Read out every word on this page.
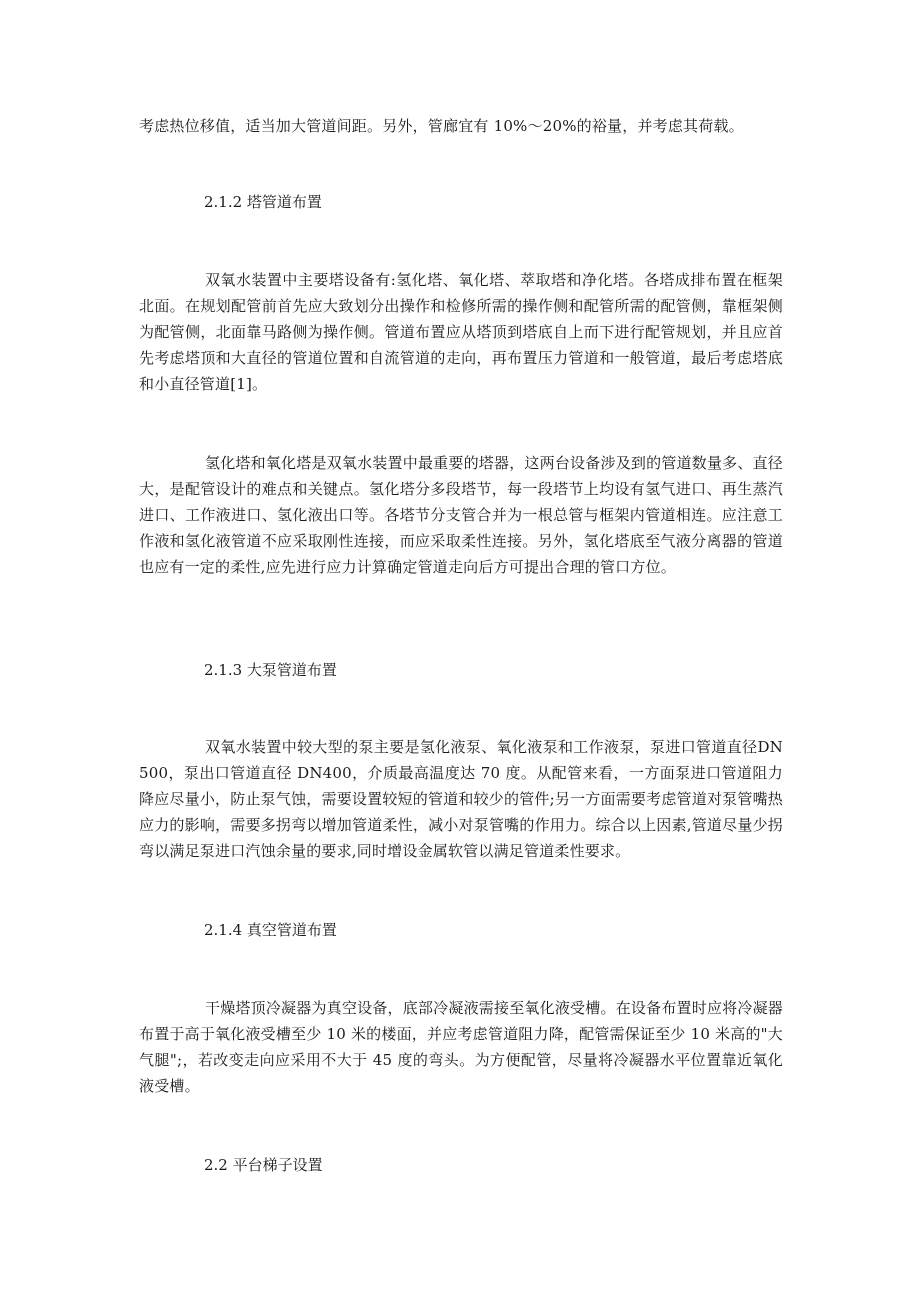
考虑热位移值，适当加大管道间距。另外，管廊宜有 10%～20%的裕量，并考虑其荷载。

2.1.2 塔管道布置

双氧水装置中主要塔设备有:氢化塔、氧化塔、萃取塔和净化塔。各塔成排布置在框架北面。在规划配管前首先应大致划分出操作和检修所需的操作侧和配管所需的配管侧，靠框架侧为配管侧，北面靠马路侧为操作侧。管道布置应从塔顶到塔底自上而下进行配管规划，并且应首先考虑塔顶和大直径的管道位置和自流管道的走向，再布置压力管道和一般管道，最后考虑塔底和小直径管道[1]。

氢化塔和氧化塔是双氧水装置中最重要的塔器，这两台设备涉及到的管道数量多、直径大，是配管设计的难点和关键点。氢化塔分多段塔节，每一段塔节上均设有氢气进口、再生蒸汽进口、工作液进口、氢化液出口等。各塔节分支管合并为一根总管与框架内管道相连。应注意工作液和氢化液管道不应采取刚性连接，而应采取柔性连接。另外，氢化塔底至气液分离器的管道也应有一定的柔性,应先进行应力计算确定管道走向后方可提出合理的管口方位。

2.1.3 大泵管道布置

双氧水装置中较大型的泵主要是氢化液泵、氧化液泵和工作液泵，泵进口管道直径DN500，泵出口管道直径 DN400，介质最高温度达 70 度。从配管来看，一方面泵进口管道阻力降应尽量小，防止泵气蚀，需要设置较短的管道和较少的管件;另一方面需要考虑管道对泵管嘴热应力的影响，需要多拐弯以增加管道柔性，减小对泵管嘴的作用力。综合以上因素,管道尽量少拐弯以满足泵进口汽蚀余量的要求,同时增设金属软管以满足管道柔性要求。

2.1.4 真空管道布置

干燥塔顶冷凝器为真空设备，底部冷凝液需接至氧化液受槽。在设备布置时应将冷凝器布置于高于氧化液受槽至少 10 米的楼面，并应考虑管道阻力降，配管需保证至少 10 米高的"大气腿";，若改变走向应采用不大于 45 度的弯头。为方便配管，尽量将冷凝器水平位置靠近氧化液受槽。

2.2 平台梯子设置
